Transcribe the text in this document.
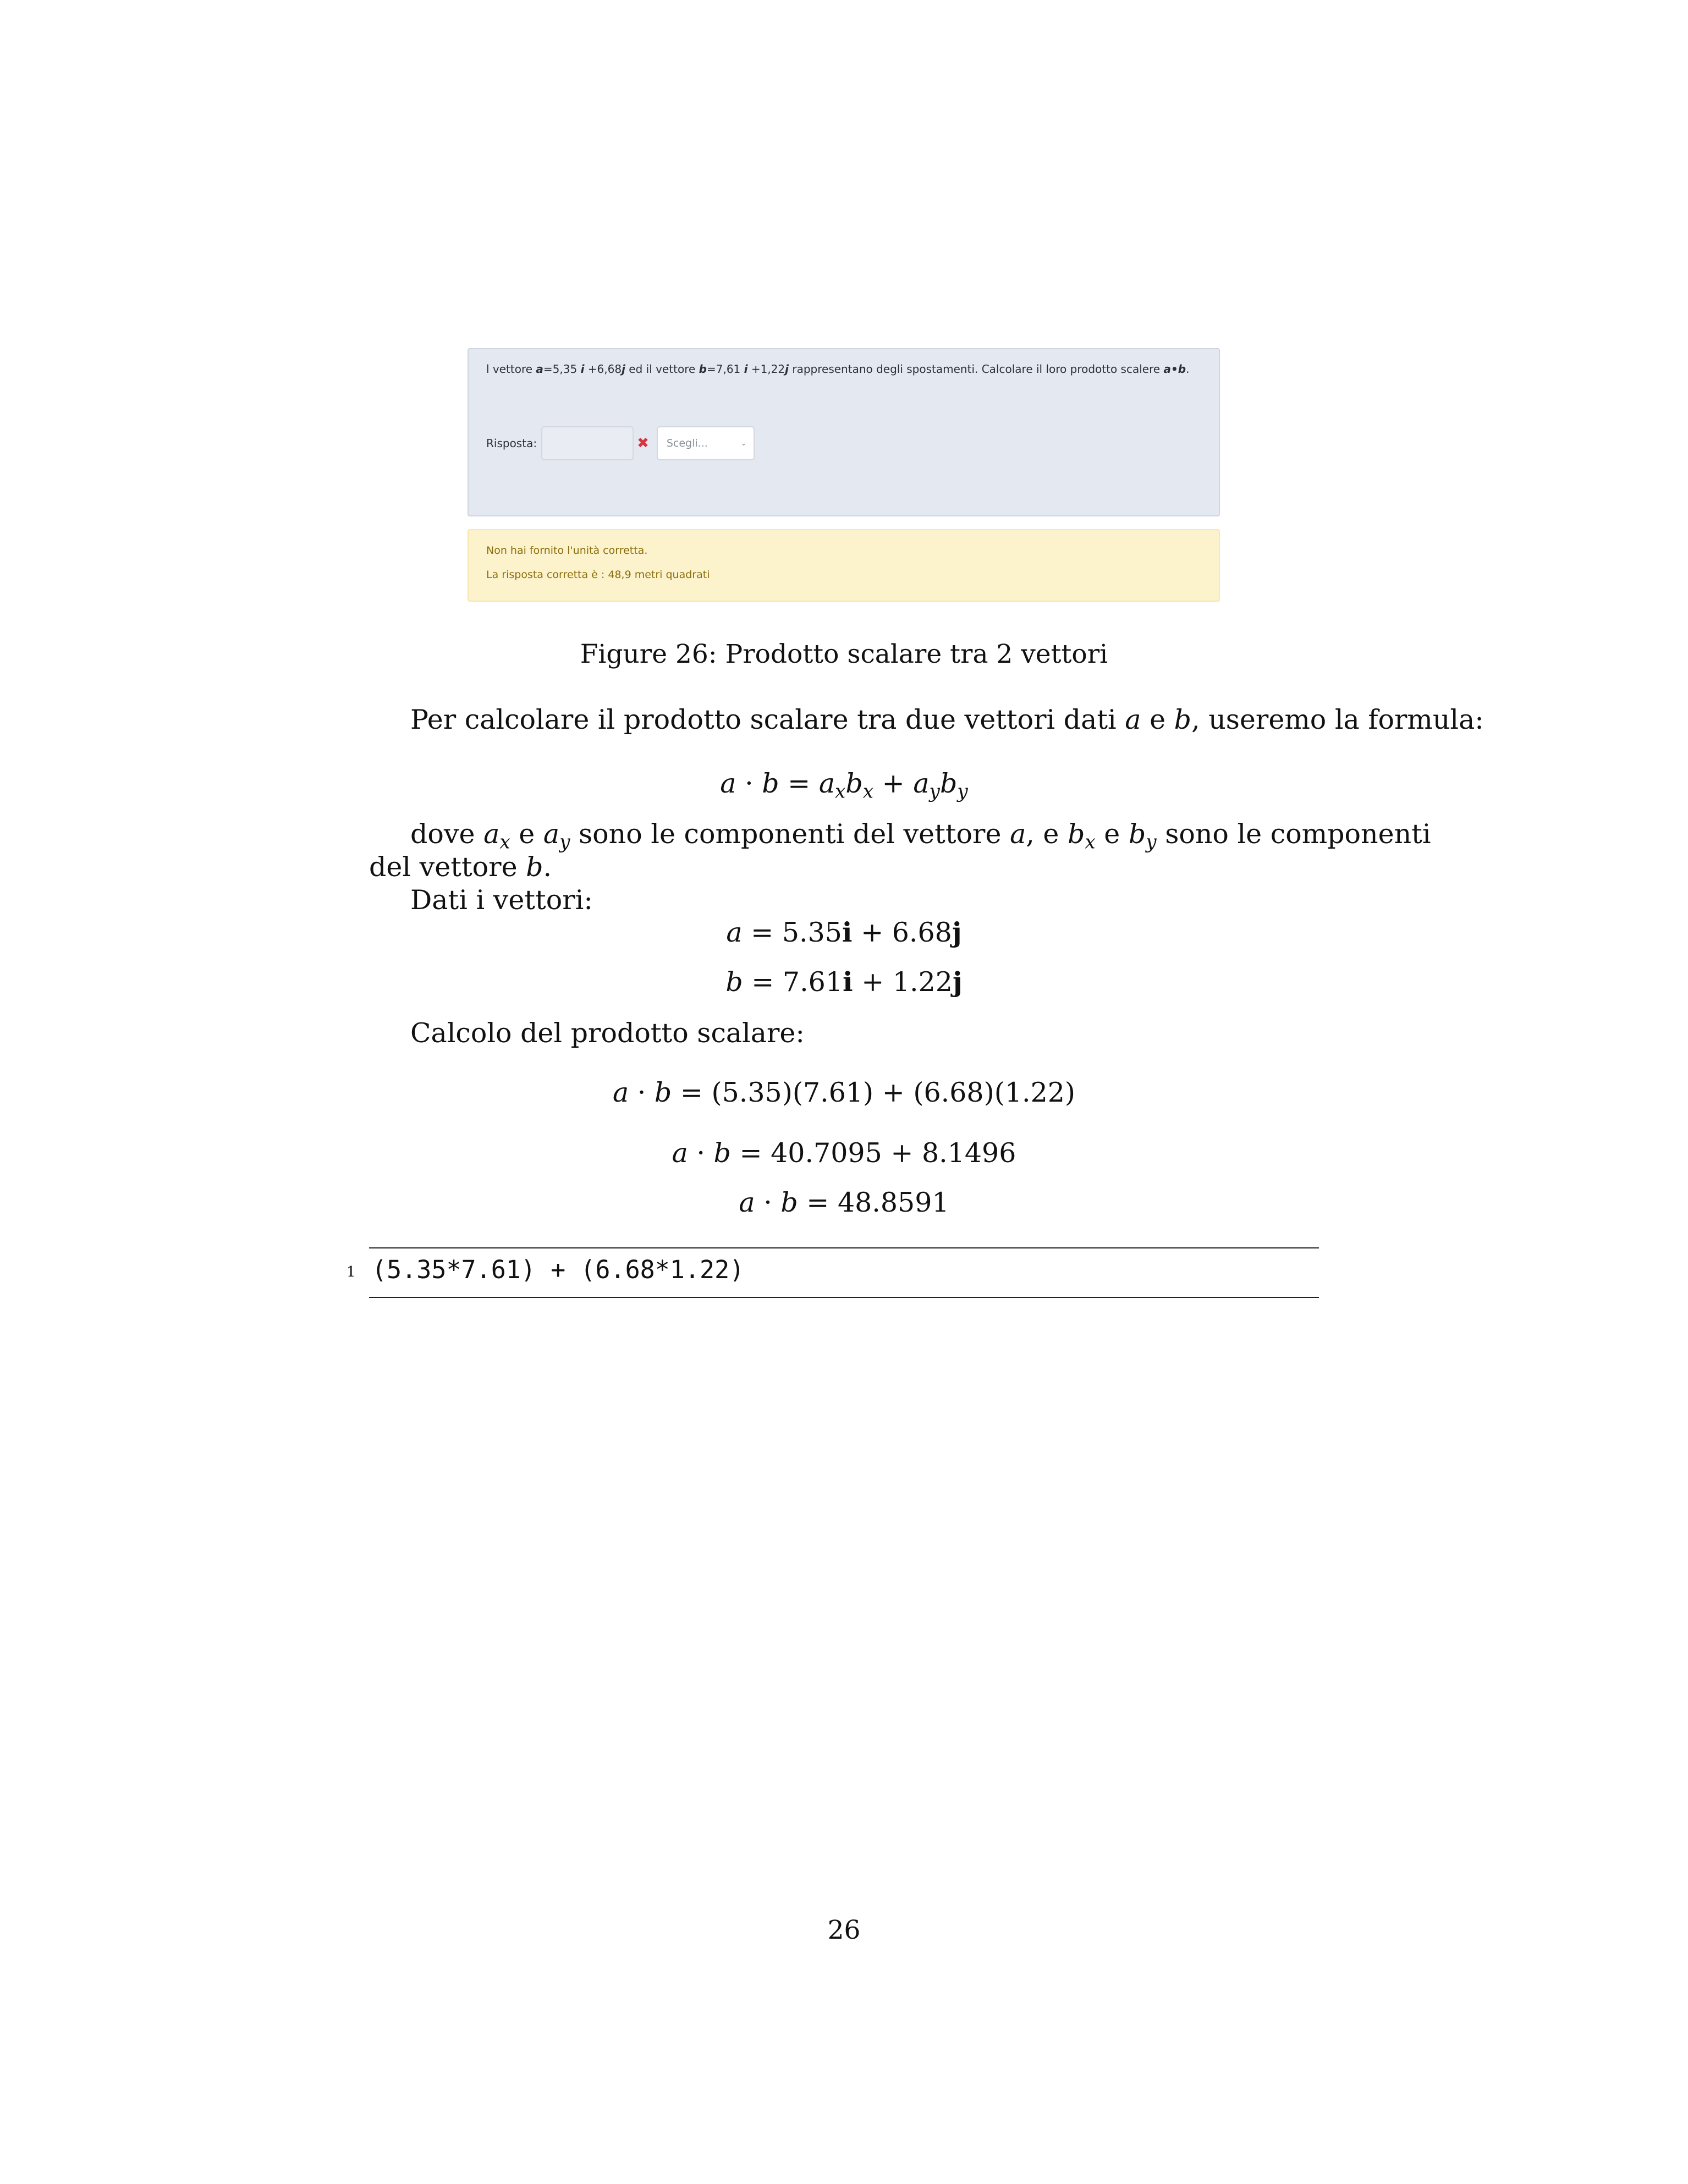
l vettore a=5,35 i +6,68j ed il vettore b=7,61 i +1,22j rappresentano degli spostamenti. Calcolare il loro prodotto scalere a•b.
Risposta:	✖ Scegli...	⌄
Non hai fornito l'unità corretta.
La risposta corretta è : 48,9 metri quadrati
Figure 26: Prodotto scalare tra 2 vettori
Per calcolare il prodotto scalare tra due vettori dati a e b, useremo la formula:
$a \cdot b = a_xb_x + a_yb_y$
dove $a_x$ e $a_y$ sono le componenti del vettore a, e $b_x$ e $b_y$ sono le componenti
del vettore b.
Dati i vettori:
a = 5.35i + 6.68j
b = 7.61i + 1.22j
Calcolo del prodotto scalare:
a · b = (5.35)(7.61) + (6.68)(1.22)
a · b = 40.7095 + 8.1496
a · b = 48.8591
1 (5.35*7.61) + (6.68*1.22)
26
